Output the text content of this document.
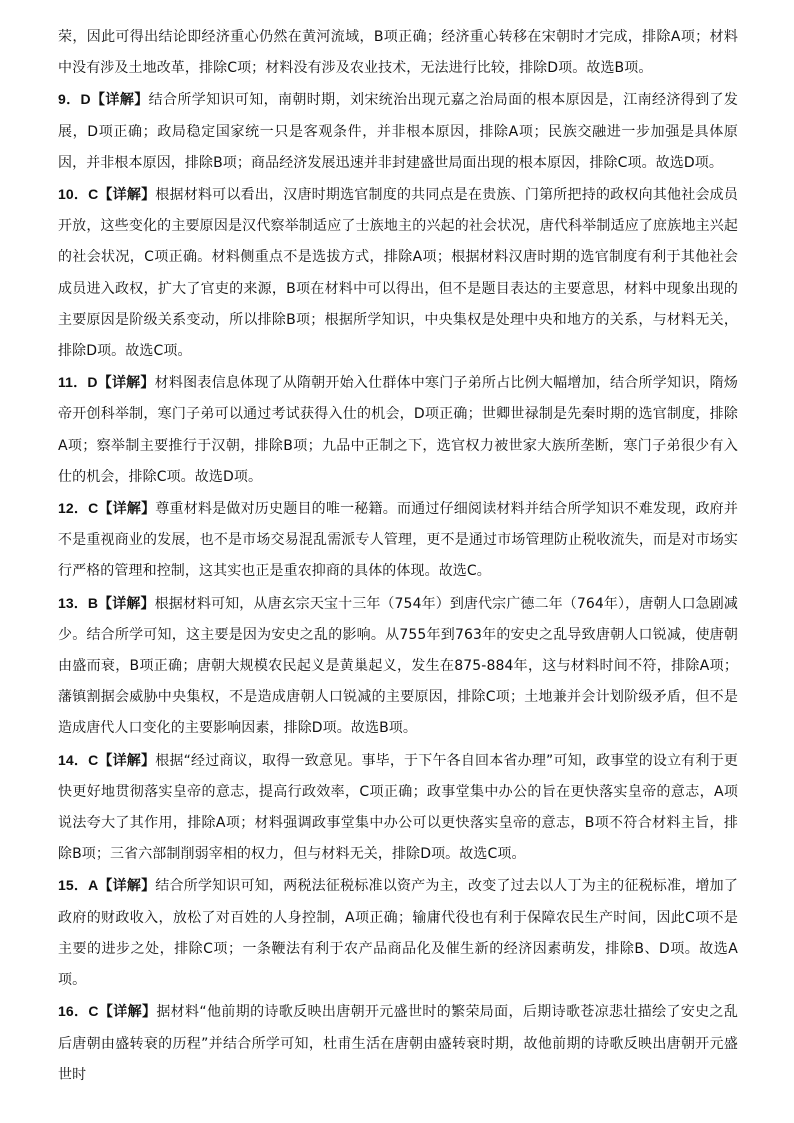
荣，因此可得出结论即经济重心仍然在黄河流域，B项正确；经济重心转移在宋朝时才完成，排除A项；材料中没有涉及土地改革，排除C项；材料没有涉及农业技术，无法进行比较，排除D项。故选B项。

9．D【详解】结合所学知识可知，南朝时期，刘宋统治出现元嘉之治局面的根本原因是，江南经济得到了发展，D项正确；政局稳定国家统一只是客观条件，并非根本原因，排除A项；民族交融进一步加强是具体原因，并非根本原因，排除B项；商品经济发展迅速并非封建盛世局面出现的根本原因，排除C项。故选D项。

10．C【详解】根据材料可以看出，汉唐时期选官制度的共同点是在贵族、门第所把持的政权向其他社会成员开放，这些变化的主要原因是汉代察举制适应了士族地主的兴起的社会状况，唐代科举制适应了庶族地主兴起的社会状况，C项正确。材料侧重点不是选拔方式，排除A项；根据材料汉唐时期的选官制度有利于其他社会成员进入政权，扩大了官吏的来源，B项在材料中可以得出，但不是题目表达的主要意思，材料中现象出现的主要原因是阶级关系变动，所以排除B项；根据所学知识，中央集权是处理中央和地方的关系，与材料无关，排除D项。故选C项。

11．D【详解】材料图表信息体现了从隋朝开始入仕群体中寒门子弟所占比例大幅增加，结合所学知识，隋炀帝开创科举制，寒门子弟可以通过考试获得入仕的机会，D项正确；世卿世禄制是先秦时期的选官制度，排除A项；察举制主要推行于汉朝，排除B项；九品中正制之下，选官权力被世家大族所垄断，寒门子弟很少有入仕的机会，排除C项。故选D项。

12．C【详解】尊重材料是做对历史题目的唯一秘籍。而通过仔细阅读材料并结合所学知识不难发现，政府并不是重视商业的发展，也不是市场交易混乱需派专人管理，更不是通过市场管理防止税收流失，而是对市场实行严格的管理和控制，这其实也正是重农抑商的具体的体现。故选C。

13．B【详解】根据材料可知，从唐玄宗天宝十三年（754年）到唐代宗广德二年（764年），唐朝人口急剧减少。结合所学可知，这主要是因为安史之乱的影响。从755年到763年的安史之乱导致唐朝人口锐减，使唐朝由盛而衰，B项正确；唐朝大规模农民起义是黄巢起义，发生在875-884年，这与材料时间不符，排除A项；藩镇割据会威胁中央集权，不是造成唐朝人口锐减的主要原因，排除C项；土地兼并会计划阶级矛盾，但不是造成唐代人口变化的主要影响因素，排除D项。故选B项。

14．C【详解】根据“经过商议，取得一致意见。事毕，于下午各自回本省办理”可知，政事堂的设立有利于更快更好地贯彻落实皇帝的意志，提高行政效率，C项正确；政事堂集中办公的旨在更快落实皇帝的意志，A项说法夸大了其作用，排除A项；材料强调政事堂集中办公可以更快落实皇帝的意志，B项不符合材料主旨，排除B项；三省六部制削弱宰相的权力，但与材料无关，排除D项。故选C项。

15．A【详解】结合所学知识可知，两税法征税标准以资产为主，改变了过去以人丁为主的征税标准，增加了政府的财政收入，放松了对百姓的人身控制，A项正确；输庸代役也有利于保障农民生产时间，因此C项不是主要的进步之处，排除C项；一条鞭法有利于农产品商品化及催生新的经济因素萌发，排除B、D项。故选A项。

16．C【详解】据材料“他前期的诗歌反映出唐朝开元盛世时的繁荣局面，后期诗歌苍凉悲壮描绘了安史之乱后唐朝由盛转衰的历程”并结合所学可知，杜甫生活在唐朝由盛转衰时期，故他前期的诗歌反映出唐朝开元盛世时
